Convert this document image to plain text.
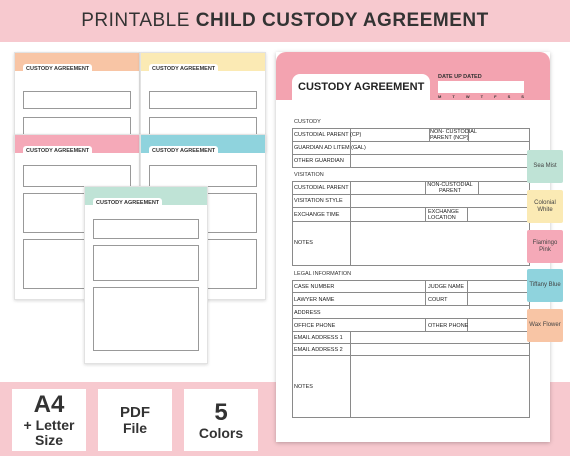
PRINTABLE CHILD CUSTODY AGREEMENT
A4
+ Letter Size
PDF
File
5
Colors
CUSTODY AGREEMENT	CUSTODY AGREEMENT
CUSTODY AGREEMENT	CUSTODY AGREEMENT
CUSTODY AGREEMENT
CUSTODY AGREEMENT
DATE UP DATED
M	T	W	T	F	S	S
CUSTODY
CUSTODIAL PARENT (CP)	NON- CUSTODIAL PARENT (NCP)
GUARDIAN AD LITEM (GAL)
OTHER GUARDIAN
VISITATION
CUSTODIAL PARENT	NON-CUSTODIAL PARENT
VISITATION STYLE
EXCHANGE TIME	EXCHANGE LOCATION
NOTES
LEGAL INFORMATION
CASE NUMBER	JUDGE NAME
LAWYER NAME	COURT
ADDRESS
OFFICE PHONE	OTHER PHONE
EMAIL ADDRESS 1
EMAIL ADDRESS 2
NOTES
Sea Mist
Colonial White
Flamingo Pink
Tiffany Blue
Wax Flower
